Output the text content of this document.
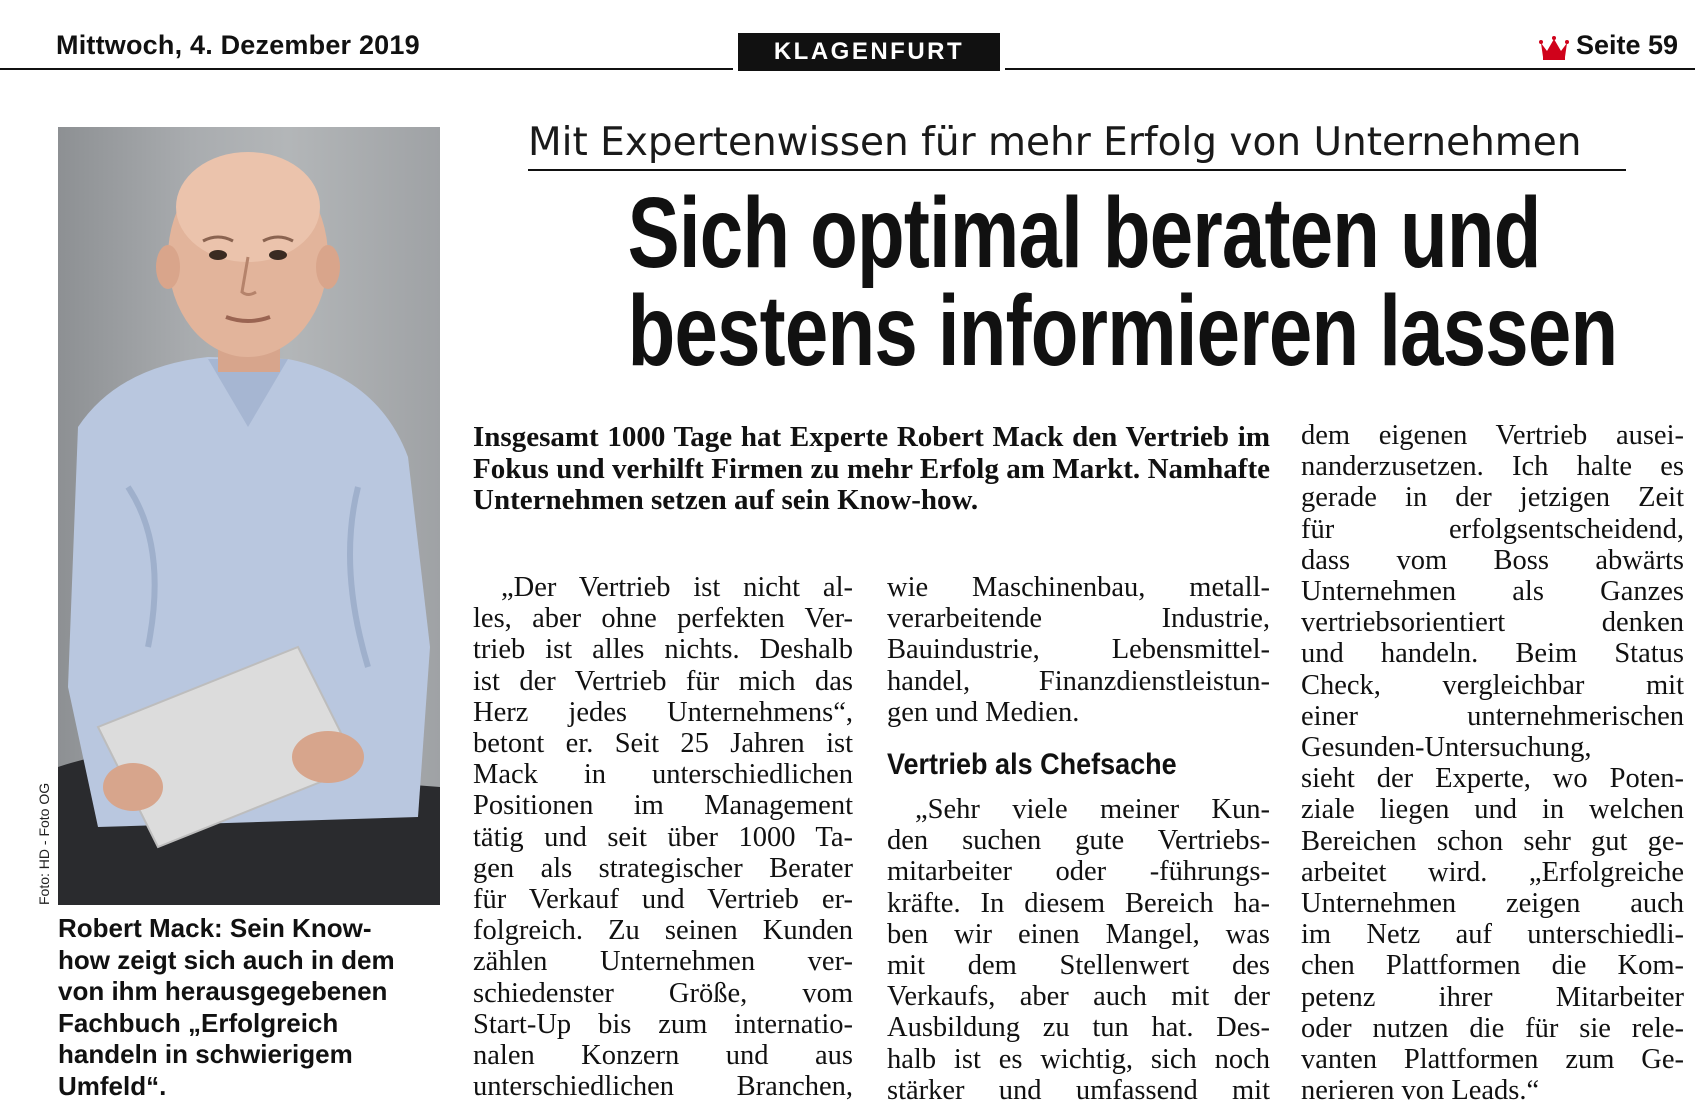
Mittwoch, 4. Dezember 2019	KLAGENFURT	Seite 59
Foto: HD - Foto OG
Robert Mack: Sein Know-
how zeigt sich auch in dem
von ihm herausgegebenen
Fachbuch „Erfolgreich
handeln in schwierigem
Umfeld“.
Mit Expertenwissen für mehr Erfolg von Unternehmen
Sich optimal beraten und
bestens informieren lassen
Insgesamt 1000 Tage hat Experte Robert Mack den Vertrieb im Fokus und verhilft Firmen zu mehr Erfolg am Markt. Namhafte Unternehmen setzen auf sein Know-how.
„Der Vertrieb ist nicht al-
les, aber ohne perfekten Ver-
trieb ist alles nichts. Deshalb
ist der Vertrieb für mich das
Herz jedes Unternehmens“,
betont er. Seit 25 Jahren ist
Mack in unterschiedlichen
Positionen im Management
tätig und seit über 1000 Ta-
gen als strategischer Berater
für Verkauf und Vertrieb er-
folgreich. Zu seinen Kunden
zählen Unternehmen ver-
schiedenster Größe, vom
Start-Up bis zum internatio-
nalen Konzern und aus
unterschiedlichen Branchen,
wie Maschinenbau, metall-
verarbeitende Industrie,
Bauindustrie, Lebensmittel-
handel, Finanzdienstleistun-
gen und Medien.
Vertrieb als Chefsache
„Sehr viele meiner Kun-
den suchen gute Vertriebs-
mitarbeiter oder -führungs-
kräfte. In diesem Bereich ha-
ben wir einen Mangel, was
mit dem Stellenwert des
Verkaufs, aber auch mit der
Ausbildung zu tun hat. Des-
halb ist es wichtig, sich noch
stärker und umfassend mit
dem eigenen Vertrieb ausei-
nanderzusetzen. Ich halte es
gerade in der jetzigen Zeit
für erfolgsentscheidend,
dass vom Boss abwärts
Unternehmen als Ganzes
vertriebsorientiert denken
und handeln. Beim Status
Check, vergleichbar mit
einer unternehmerischen
Gesunden-Untersuchung,
sieht der Experte, wo Poten-
ziale liegen und in welchen
Bereichen schon sehr gut ge-
arbeitet wird. „Erfolgreiche
Unternehmen zeigen auch
im Netz auf unterschiedli-
chen Plattformen die Kom-
petenz ihrer Mitarbeiter
oder nutzen die für sie rele-
vanten Plattformen zum Ge-
nerieren von Leads.“
